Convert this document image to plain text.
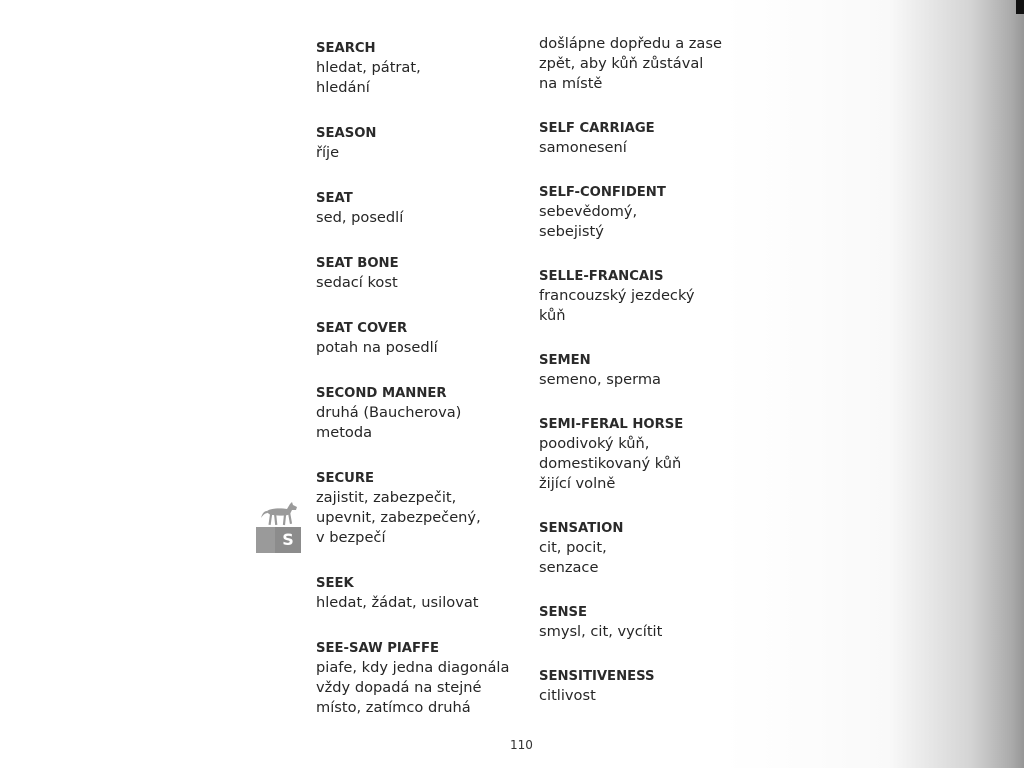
SEARCH
hledat, pátrat,
hledání
SEASON
říje
SEAT
sed, posedlí
SEAT BONE
sedací kost
SEAT COVER
potah na posedlí
SECOND MANNER
druhá (Baucherova)
metoda
SECURE
zajistit, zabezpečit,
upevnit, zabezpečený,
v bezpečí
SEEK
hledat, žádat, usilovat
SEE-SAW PIAFFE
piafe, kdy jedna diagonála
vždy dopadá na stejné
místo, zatímco druhá
došlápne dopředu a zase
zpět, aby kůň zůstával
na místě
SELF CARRIAGE
samonesení
SELF-CONFIDENT
sebevědomý,
sebejistý
SELLE-FRANCAIS
francouzský jezdecký
kůň
SEMEN
semeno, sperma
SEMI-FERAL HORSE
poodivoký kůň,
domestikovaný kůň
žijící volně
SENSATION
cit, pocit,
senzace
SENSE
smysl, cit, vycítit
SENSITIVENESS
citlivost
S
110
